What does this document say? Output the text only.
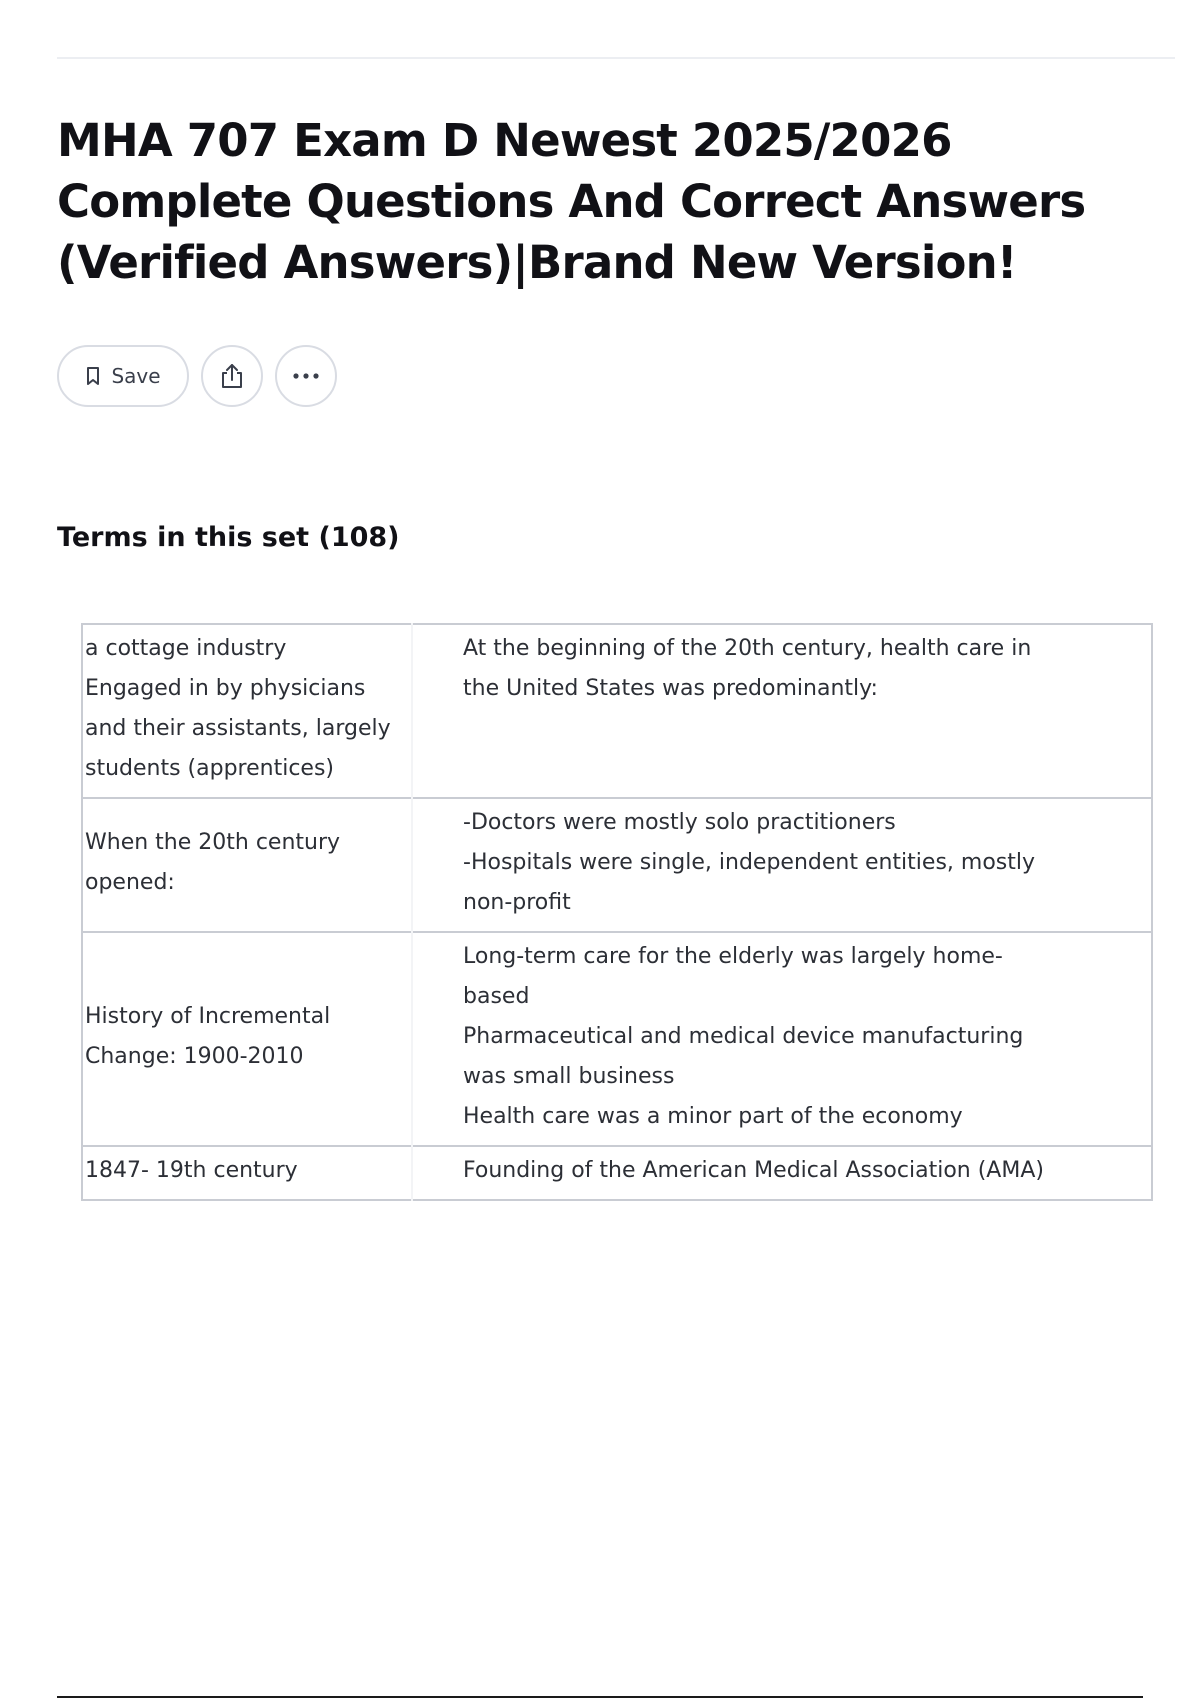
MHA 707 Exam D Newest 2025/2026 Complete Questions And Correct Answers (Verified Answers)|Brand New Version!
Save
Terms in this set (108)
a cottage industry
Engaged in by physicians
and their assistants, largely
students (apprentices)	At the beginning of the 20th century, health care in
the United States was predominantly:
When the 20th century
opened:	-Doctors were mostly solo practitioners
-Hospitals were single, independent entities, mostly
non-profit
History of Incremental
Change: 1900-2010	Long-term care for the elderly was largely home-
based
Pharmaceutical and medical device manufacturing
was small business
Health care was a minor part of the economy
1847- 19th century	Founding of the American Medical Association (AMA)
